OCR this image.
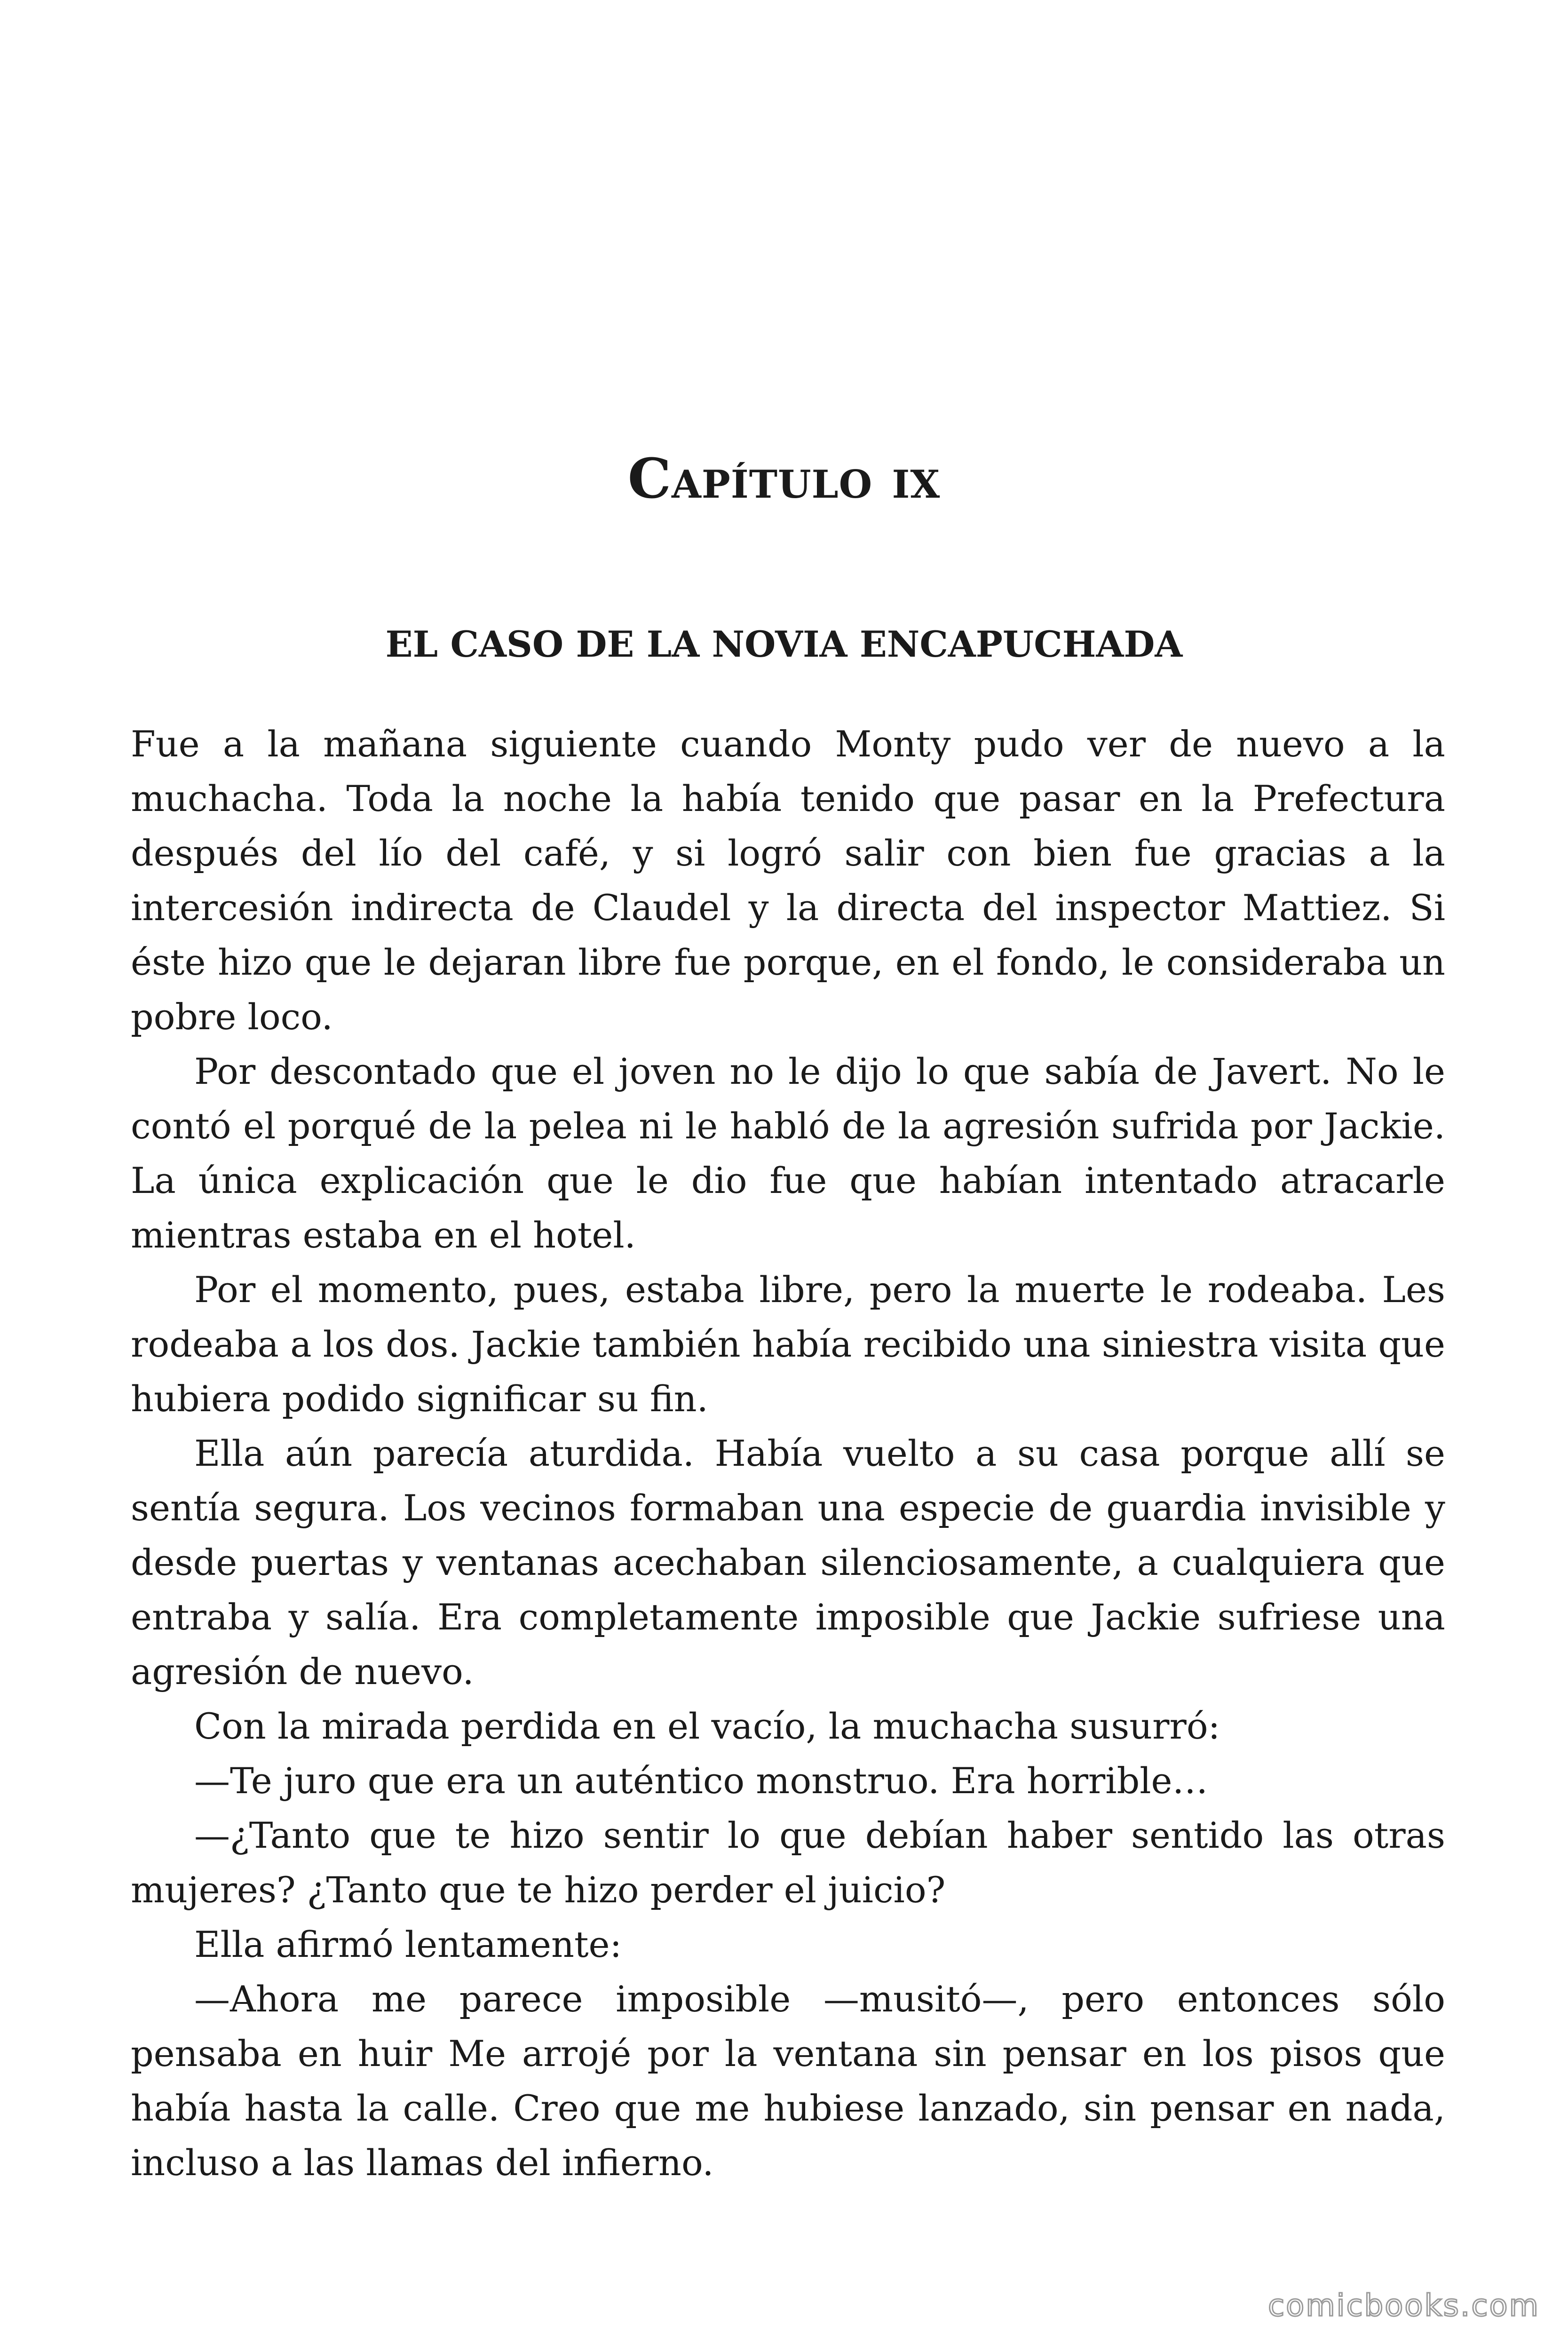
Capítulo ix
EL CASO DE LA NOVIA ENCAPUCHADA

Fue a la mañana siguiente cuando Monty pudo ver de nuevo a la muchacha. Toda la noche la había tenido que pasar en la Prefectura después del lío del café, y si logró salir con bien fue gracias a la intercesión indirecta de Claudel y la directa del inspector Mattiez. Si éste hizo que le dejaran libre fue porque, en el fondo, le consideraba un pobre loco.

Por descontado que el joven no le dijo lo que sabía de Javert. No le contó el porqué de la pelea ni le habló de la agresión sufrida por Jackie. La única explicación que le dio fue que habían intentado atracarle mientras estaba en el hotel.

Por el momento, pues, estaba libre, pero la muerte le rodeaba. Les rodeaba a los dos. Jackie también había recibido una siniestra visita que hubiera podido significar su fin.

Ella aún parecía aturdida. Había vuelto a su casa porque allí se sentía segura. Los vecinos formaban una especie de guardia invisible y desde puertas y ventanas acechaban silenciosamente, a cualquiera que entraba y salía. Era completamente imposible que Jackie sufriese una agresión de nuevo.

Con la mirada perdida en el vacío, la muchacha susurró:

—Te juro que era un auténtico monstruo. Era horrible…

—¿Tanto que te hizo sentir lo que debían haber sentido las otras mujeres? ¿Tanto que te hizo perder el juicio?

Ella afirmó lentamente:

—Ahora me parece imposible —musitó—, pero entonces sólo pensaba en huir Me arrojé por la ventana sin pensar en los pisos que había hasta la calle. Creo que me hubiese lanzado, sin pensar en nada, incluso a las llamas del infierno.

comicbooks.com
